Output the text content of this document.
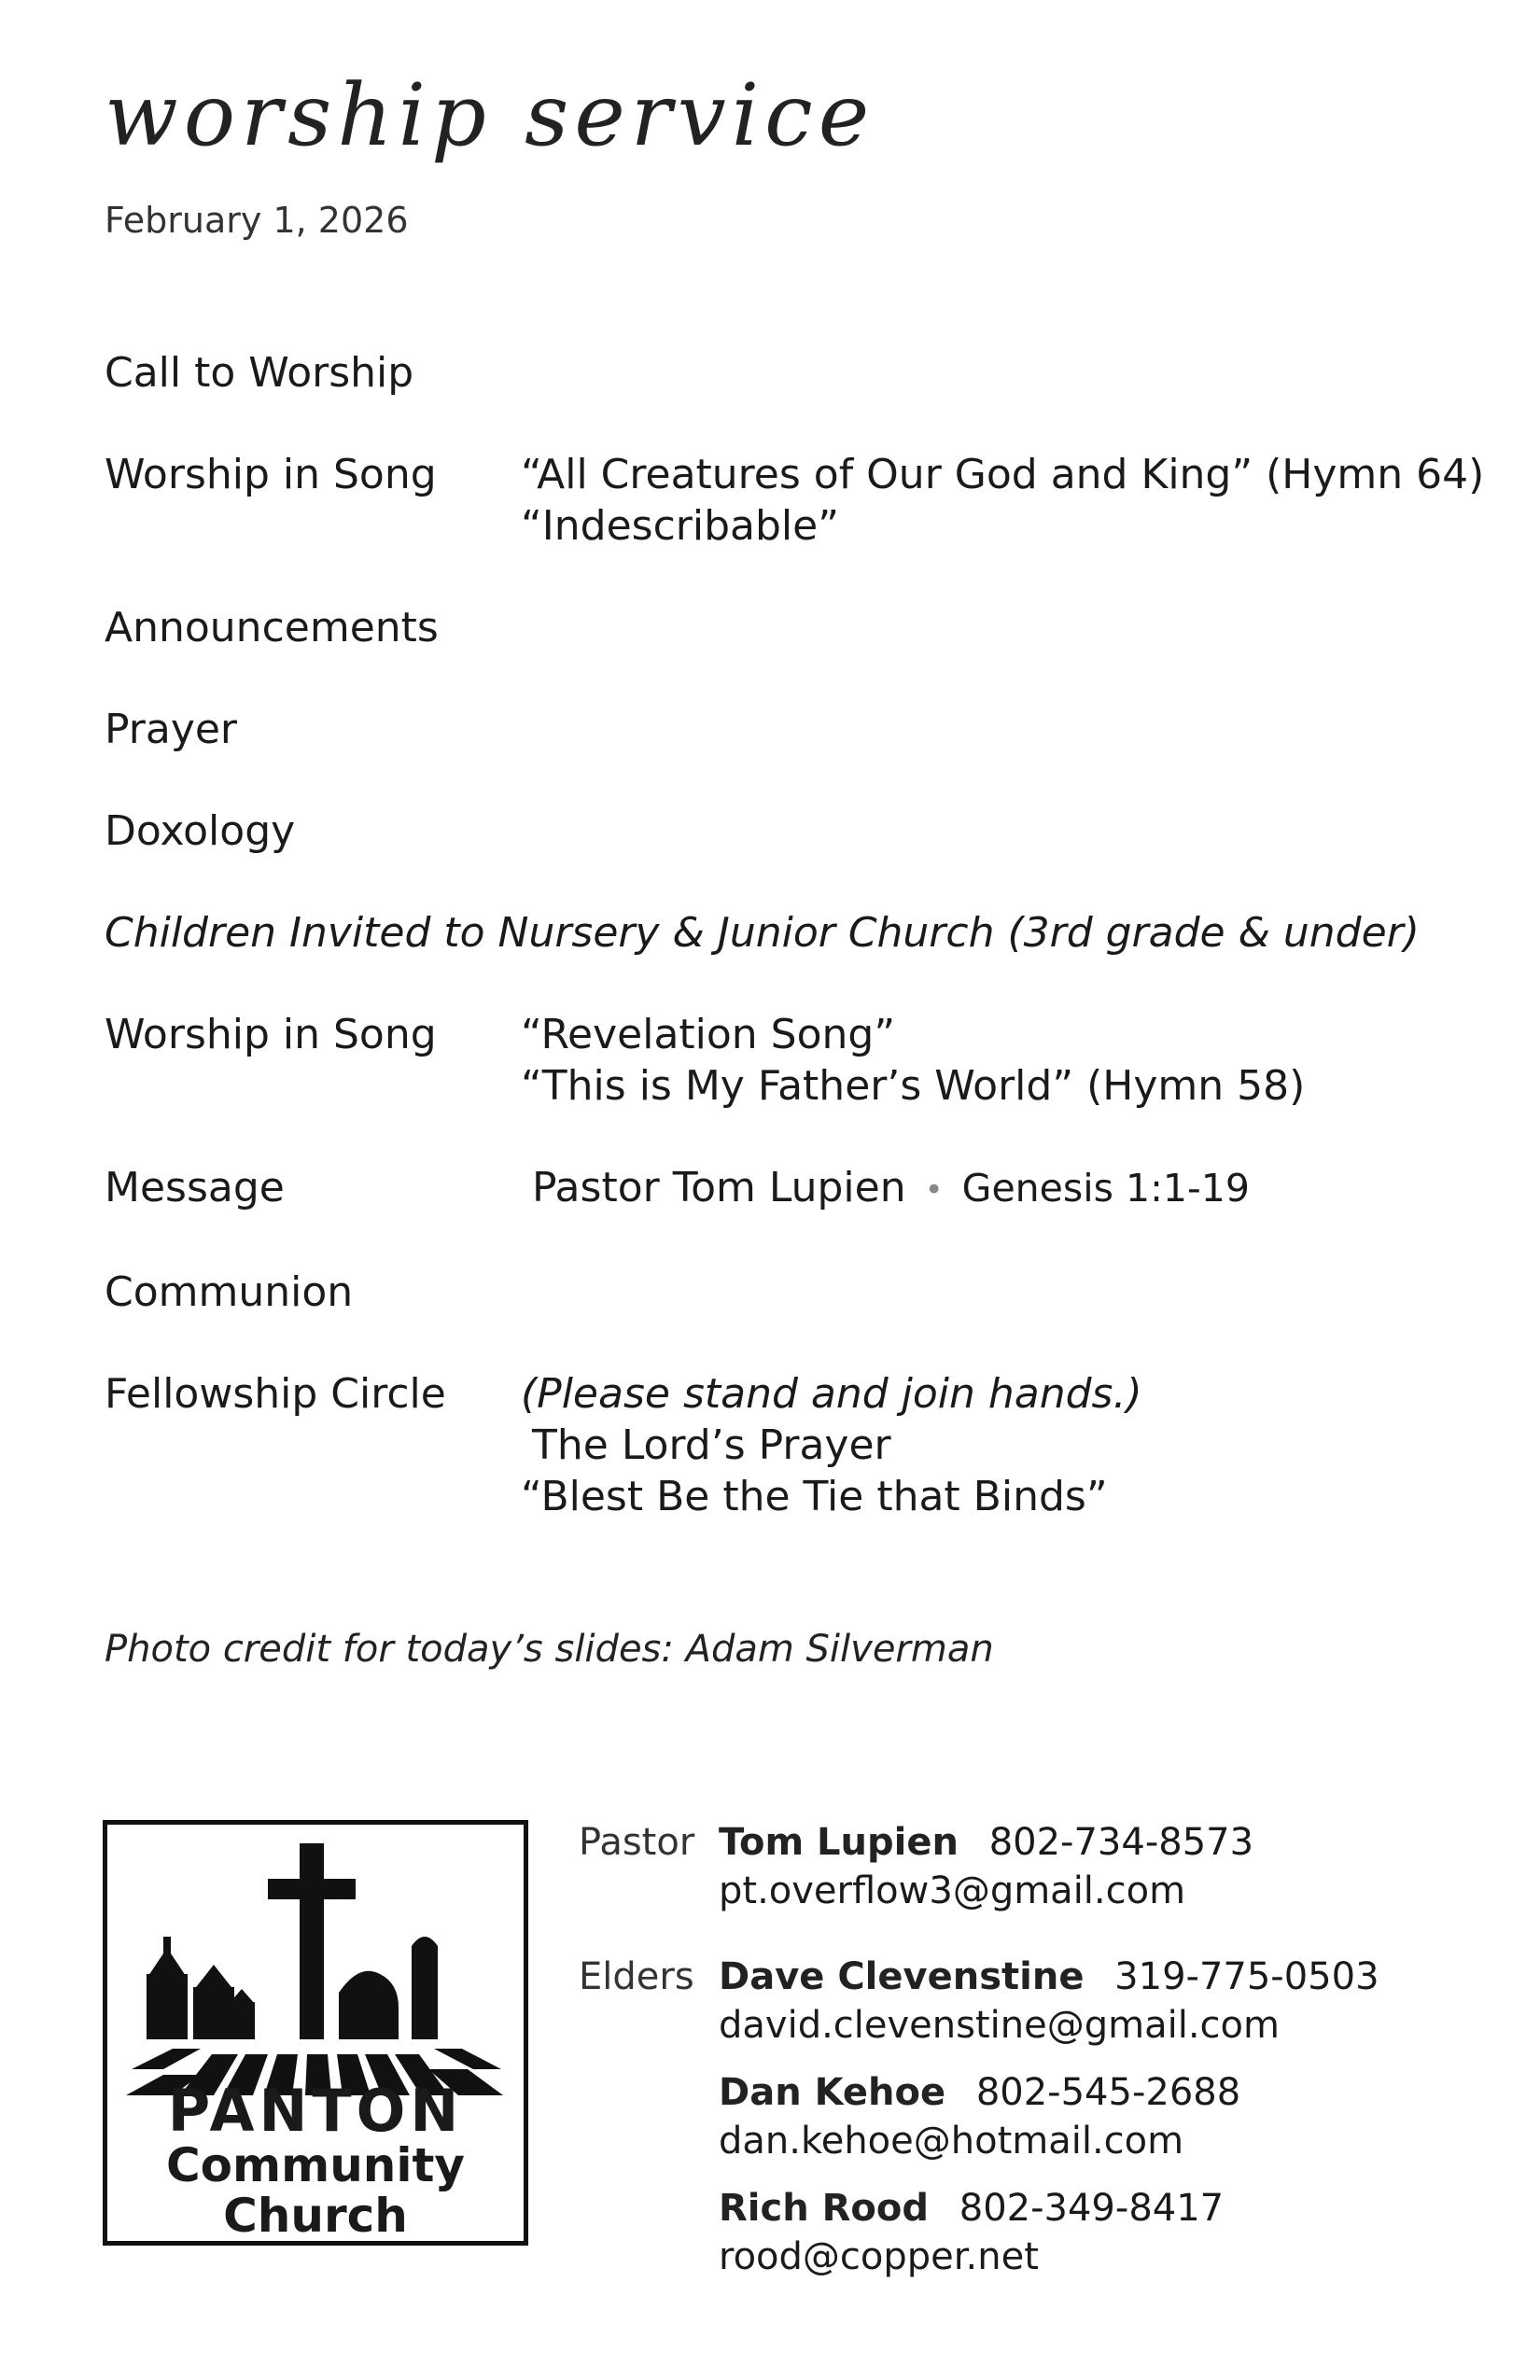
worship service
February 1, 2026
Call to Worship
Worship in Song	“All Creatures of Our God and King” (Hymn 64)
“Indescribable”
Announcements
Prayer
Doxology
Children Invited to Nursery & Junior Church (3rd grade & under)
Worship in Song	“Revelation Song”
“This is My Father’s World” (Hymn 58)
Message	Pastor Tom Lupien • Genesis 1:1-19
Communion
Fellowship Circle	(Please stand and join hands.)
The Lord’s Prayer
“Blest Be the Tie that Binds”
Photo credit for today’s slides: Adam Silverman
PANTON
Community
Church
Pastor Tom Lupien 802-734-8573
pt.overflow3@gmail.com
Elders Dave Clevenstine 319-775-0503
david.clevenstine@gmail.com
Dan Kehoe 802-545-2688
dan.kehoe@hotmail.com
Rich Rood 802-349-8417
rood@copper.net
